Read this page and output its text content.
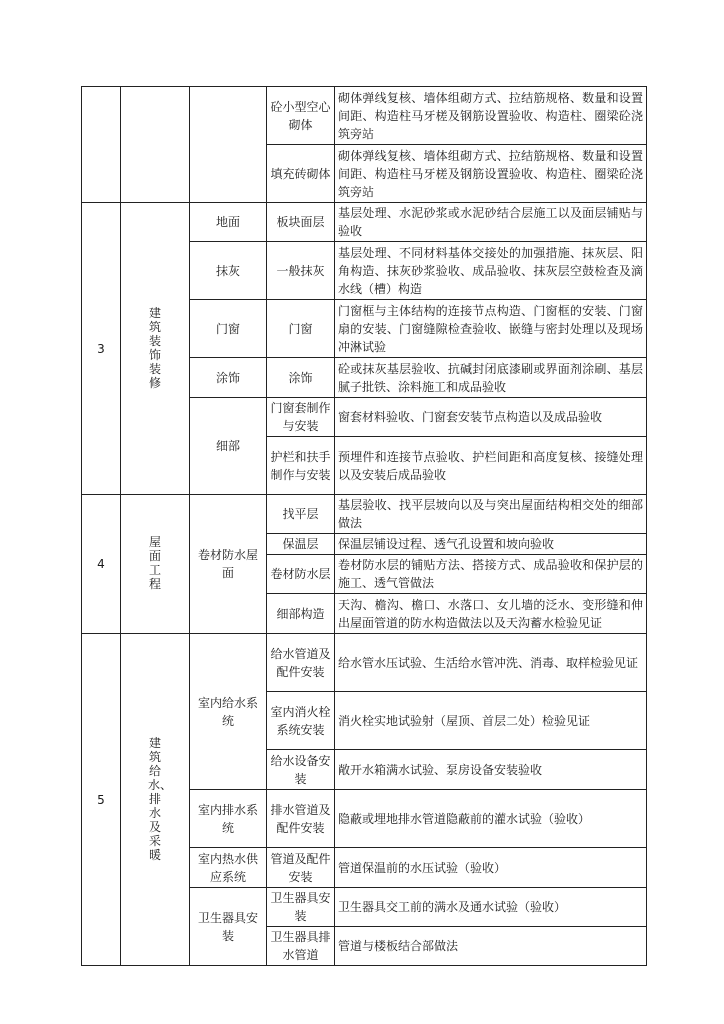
			砼小型空心砌体	砌体弹线复核、墙体组砌方式、拉结筋规格、数量和设置间距、构造柱马牙槎及钢筋设置验收、构造柱、圈梁砼浇筑旁站
			填充砖砌体	砌体弹线复核、墙体组砌方式、拉结筋规格、数量和设置间距、构造柱马牙槎及钢筋设置验收、构造柱、圈梁砼浇筑旁站
3	建筑装饰装修	地面	板块面层	基层处理、水泥砂浆或水泥砂结合层施工以及面层铺贴与验收
		抹灰	一般抹灰	基层处理、不同材料基体交接处的加强措施、抹灰层、阳角构造、抹灰砂浆验收、成品验收、抹灰层空鼓检查及滴水线（槽）构造
		门窗	门窗	门窗框与主体结构的连接节点构造、门窗框的安装、门窗扇的安装、门窗缝隙检查验收、嵌缝与密封处理以及现场冲淋试验
		涂饰	涂饰	砼或抹灰基层验收、抗碱封闭底漆刷或界面剂涂刷、基层腻子批铁、涂料施工和成品验收
		细部	门窗套制作与安装	窗套材料验收、门窗套安装节点构造以及成品验收
			护栏和扶手制作与安装	预埋件和连接节点验收、护栏间距和高度复核、接缝处理以及安装后成品验收
4	屋面工程	卷材防水屋面	找平层	基层验收、找平层坡向以及与突出屋面结构相交处的细部做法
			保温层	保温层铺设过程、透气孔设置和坡向验收
			卷材防水层	卷材防水层的铺贴方法、搭接方式、成品验收和保护层的施工、透气管做法
			细部构造	天沟、檐沟、檐口、水落口、女儿墙的泛水、变形缝和伸出屋面管道的防水构造做法以及天沟蓄水检验见证
5	建筑给水、排水及采暖	室内给水系统	给水管道及配件安装	给水管水压试验、生活给水管冲洗、消毒、取样检验见证
			室内消火栓系统安装	消火栓实地试验射（屋顶、首层二处）检验见证
			给水设备安装	敞开水箱满水试验、泵房设备安装验收
		室内排水系统	排水管道及配件安装	隐蔽或埋地排水管道隐蔽前的灌水试验（验收）
		室内热水供应系统	管道及配件安装	管道保温前的水压试验（验收）
		卫生器具安装	卫生器具安装	卫生器具交工前的满水及通水试验（验收）
			卫生器具排水管道	管道与楼板结合部做法
